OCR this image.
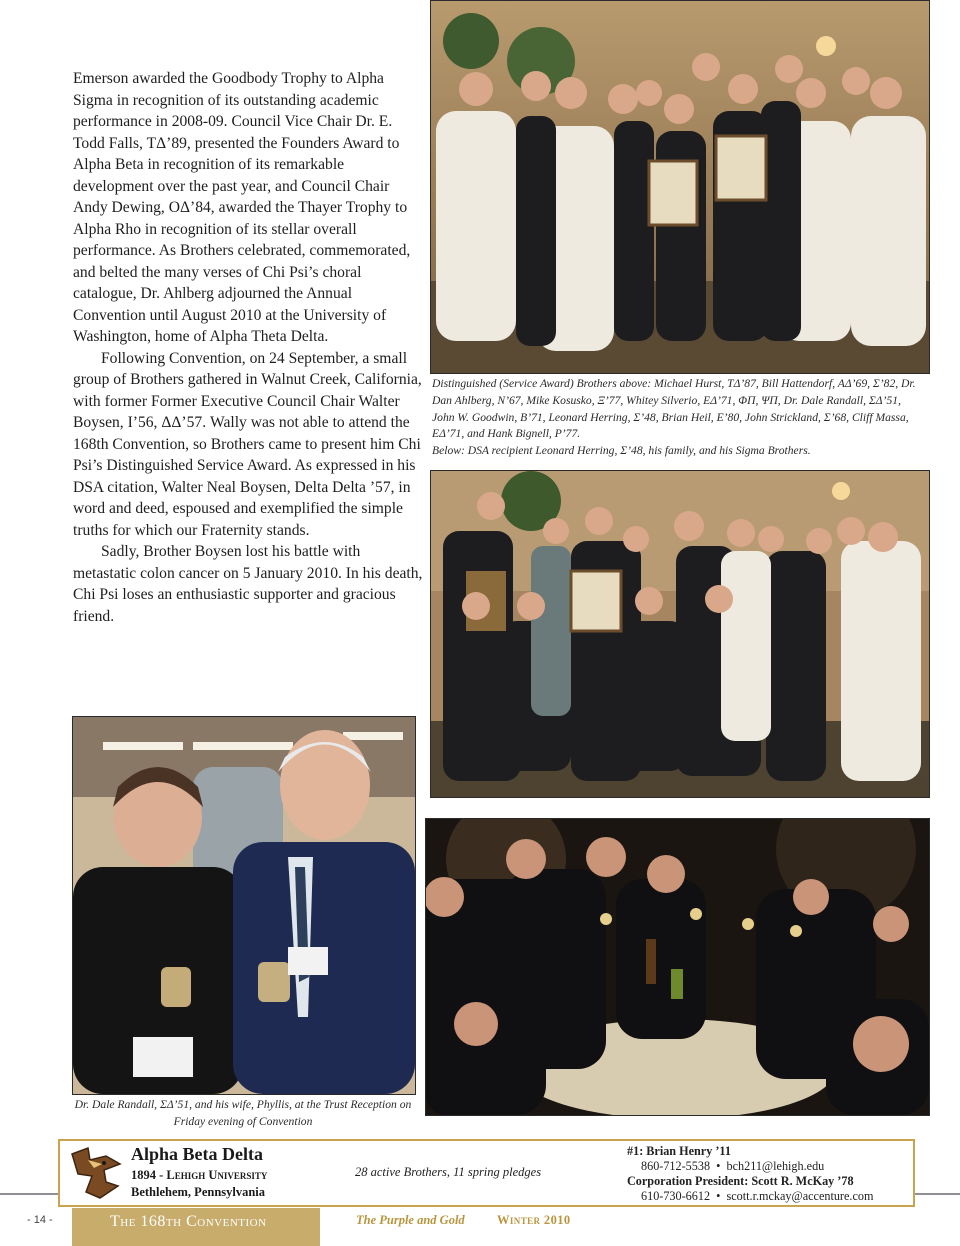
Emerson awarded the Goodbody Trophy to Alpha Sigma in recognition of its outstanding academic performance in 2008-09. Council Vice Chair Dr. E. Todd Falls, TΔ’89, presented the Founders Award to Alpha Beta in recognition of its remarkable development over the past year, and Council Chair Andy Dewing, OΔ’84, awarded the Thayer Trophy to Alpha Rho in recognition of its stellar overall performance. As Brothers celebrated, commemorated, and belted the many verses of Chi Psi’s choral catalogue, Dr. Ahlberg adjourned the Annual Convention until August 2010 at the University of Washington, home of Alpha Theta Delta.

Following Convention, on 24 September, a small group of Brothers gathered in Walnut Creek, California, with former Former Executive Council Chair Walter Boysen, I’56, ΔΔ’57. Wally was not able to attend the 168th Convention, so Brothers came to present him Chi Psi’s Distinguished Service Award. As expressed in his DSA citation, Walter Neal Boysen, Delta Delta ’57, in word and deed, espoused and exemplified the simple truths for which our Fraternity stands.

Sadly, Brother Boysen lost his battle with metastatic colon cancer on 5 January 2010. In his death, Chi Psi loses an enthusiastic supporter and gracious friend.

Distinguished (Service Award) Brothers above: Michael Hurst, TΔ’87, Bill Hattendorf, AΔ’69, Σ’82, Dr. Dan Ahlberg, N’67, Mike Kosusko, Ξ’77, Whitey Silverio, EΔ’71, ΦΠ, ΨΠ, Dr. Dale Randall, ΣΔ’51, John W. Goodwin, B’71, Leonard Herring, Σ’48, Brian Heil, E’80, John Strickland, Σ’68, Cliff Massa, EΔ’71, and Hank Bignell, P’77.

Below: DSA recipient Leonard Herring, Σ’48, his family, and his Sigma Brothers.

Dr. Dale Randall, ΣΔ’51, and his wife, Phyllis, at the Trust Reception on Friday evening of Convention

Alpha Beta Delta
1894 - Lehigh University
Bethlehem, Pennsylvania
28 active Brothers, 11 spring pledges
#1: Brian Henry ’11
860-712-5538  •  bch211@lehigh.edu
Corporation President: Scott R. McKay ’78
610-730-6612  •  scott.r.mckay@accenture.com
- 14 -	The 168th Convention	The Purple and Gold	Winter 2010
